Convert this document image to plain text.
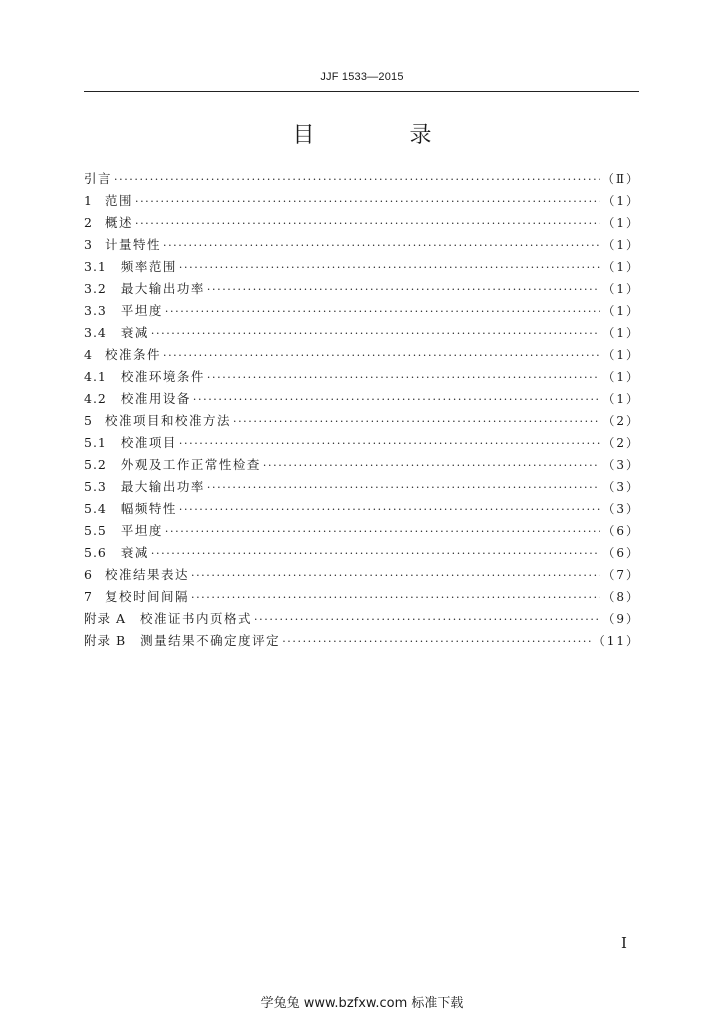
JJF 1533—2015
目 录
引言 ·····	（Ⅱ）
1 范围 ·····	（1）
2 概述 ·····	（1）
3 计量特性 ·····	（1）
3.1 频率范围 ·····	（1）
3.2 最大输出功率 ·····	（1）
3.3 平坦度 ·····	（1）
3.4 衰减 ·····	（1）
4 校准条件 ·····	（1）
4.1 校准环境条件 ·····	（1）
4.2 校准用设备 ·····	（1）
5 校准项目和校准方法 ·····	（2）
5.1 校准项目 ·····	（2）
5.2 外观及工作正常性检查 ·····	（3）
5.3 最大输出功率 ·····	（3）
5.4 幅频特性 ·····	（3）
5.5 平坦度 ·····	（6）
5.6 衰减 ·····	（6）
6 校准结果表达 ·····	（7）
7 复校时间间隔 ·····	（8）
附录 A 校准证书内页格式 ·····	（9）
附录 B 测量结果不确定度评定 ·····	（11）
I
学兔兔 www.bzfxw.com 标准下载
